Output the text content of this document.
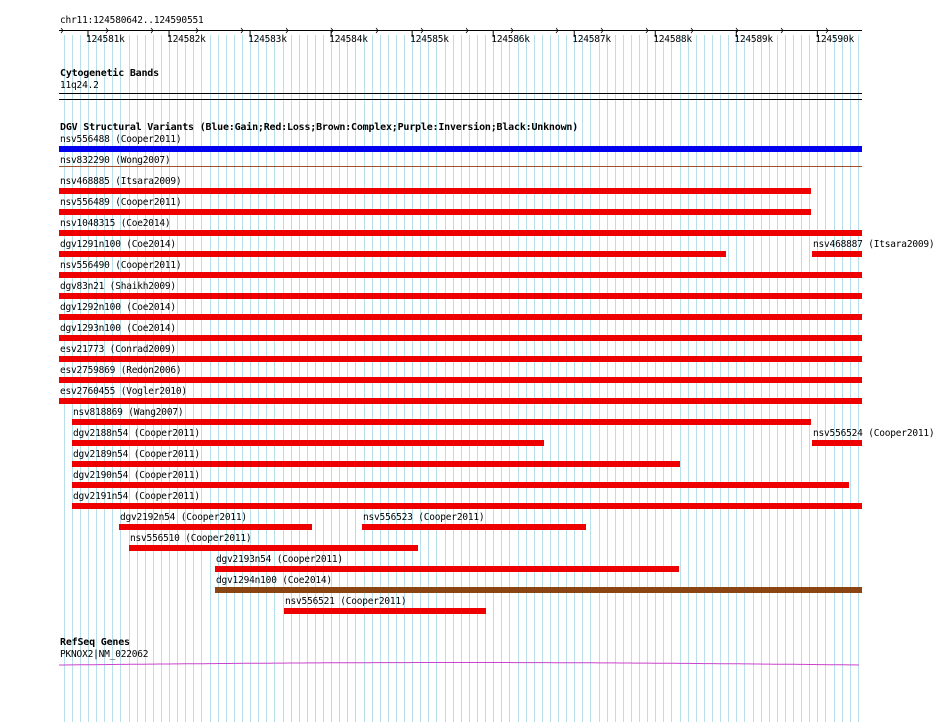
chr11:124580642..124590551
124581k	124582k	124583k	124584k	124585k	124586k	124587k	124588k	124589k	124590k
Cytogenetic Bands
11q24.2
DGV Structural Variants (Blue:Gain;Red:Loss;Brown:Complex;Purple:Inversion;Black:Unknown)
nsv556488 (Cooper2011)
nsv832290 (Wong2007)
nsv468885 (Itsara2009)
nsv556489 (Cooper2011)
nsv1048315 (Coe2014)
dgv1291n100 (Coe2014)	nsv468887 (Itsara2009)
nsv556490 (Cooper2011)
dgv83n21 (Shaikh2009)
dgv1292n100 (Coe2014)
dgv1293n100 (Coe2014)
esv21773 (Conrad2009)
esv2759869 (Redon2006)
esv2760455 (Vogler2010)
nsv818869 (Wang2007)
dgv2188n54 (Cooper2011)	nsv556524 (Cooper2011)
dgv2189n54 (Cooper2011)
dgv2190n54 (Cooper2011)
dgv2191n54 (Cooper2011)
dgv2192n54 (Cooper2011)	nsv556523 (Cooper2011)
nsv556510 (Cooper2011)
dgv2193n54 (Cooper2011)
dgv1294n100 (Coe2014)
nsv556521 (Cooper2011)
RefSeq Genes
PKNOX2|NM_022062
